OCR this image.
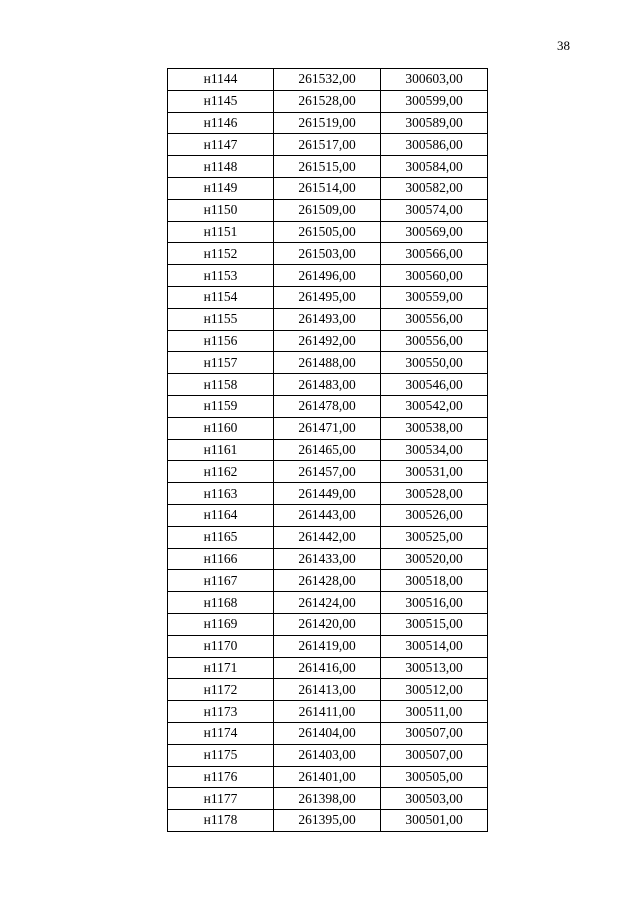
38
н1144	261532,00	300603,00
н1145	261528,00	300599,00
н1146	261519,00	300589,00
н1147	261517,00	300586,00
н1148	261515,00	300584,00
н1149	261514,00	300582,00
н1150	261509,00	300574,00
н1151	261505,00	300569,00
н1152	261503,00	300566,00
н1153	261496,00	300560,00
н1154	261495,00	300559,00
н1155	261493,00	300556,00
н1156	261492,00	300556,00
н1157	261488,00	300550,00
н1158	261483,00	300546,00
н1159	261478,00	300542,00
н1160	261471,00	300538,00
н1161	261465,00	300534,00
н1162	261457,00	300531,00
н1163	261449,00	300528,00
н1164	261443,00	300526,00
н1165	261442,00	300525,00
н1166	261433,00	300520,00
н1167	261428,00	300518,00
н1168	261424,00	300516,00
н1169	261420,00	300515,00
н1170	261419,00	300514,00
н1171	261416,00	300513,00
н1172	261413,00	300512,00
н1173	261411,00	300511,00
н1174	261404,00	300507,00
н1175	261403,00	300507,00
н1176	261401,00	300505,00
н1177	261398,00	300503,00
н1178	261395,00	300501,00
